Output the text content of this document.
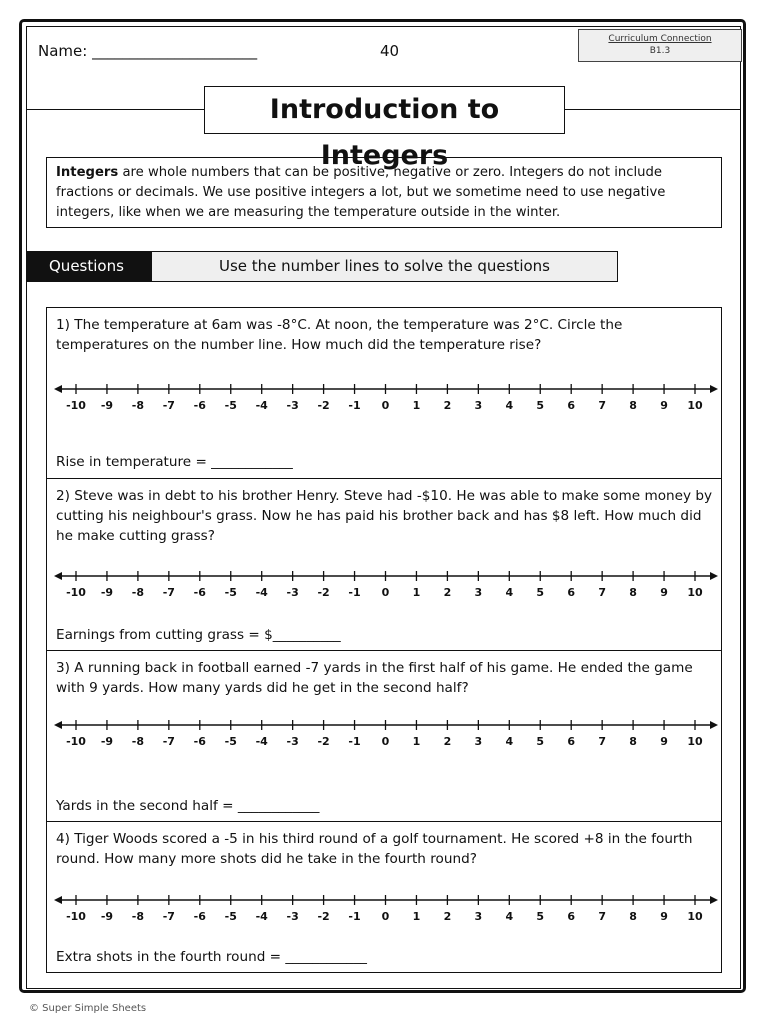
Name: ______________________	40
Curriculum Connection
B1.3
Introduction to Integers
Integers are whole numbers that can be positive, negative or zero. Integers do not include fractions or decimals. We use positive integers a lot, but we sometime need to use negative integers, like when we are measuring the temperature outside in the winter.
Questions	Use the number lines to solve the questions
1) The temperature at 6am was -8°C. At noon, the temperature was 2°C. Circle the temperatures on the number line. How much did the temperature rise?
-10 -9 -8 -7 -6 -5 -4 -3 -2 -1 0 1 2 3 4 5 6 7 8 9 10
Rise in temperature = ____________
2) Steve was in debt to his brother Henry. Steve had -$10. He was able to make some money by cutting his neighbour's grass. Now he has paid his brother back and has $8 left. How much did he make cutting grass?
-10 -9 -8 -7 -6 -5 -4 -3 -2 -1 0 1 2 3 4 5 6 7 8 9 10
Earnings from cutting grass = $__________
3) A running back in football earned -7 yards in the first half of his game. He ended the game with 9 yards. How many yards did he get in the second half?
-10 -9 -8 -7 -6 -5 -4 -3 -2 -1 0 1 2 3 4 5 6 7 8 9 10
Yards in the second half = ____________
4) Tiger Woods scored a -5 in his third round of a golf tournament. He scored +8 in the fourth round. How many more shots did he take in the fourth round?
-10 -9 -8 -7 -6 -5 -4 -3 -2 -1 0 1 2 3 4 5 6 7 8 9 10
Extra shots in the fourth round = ____________
© Super Simple Sheets
